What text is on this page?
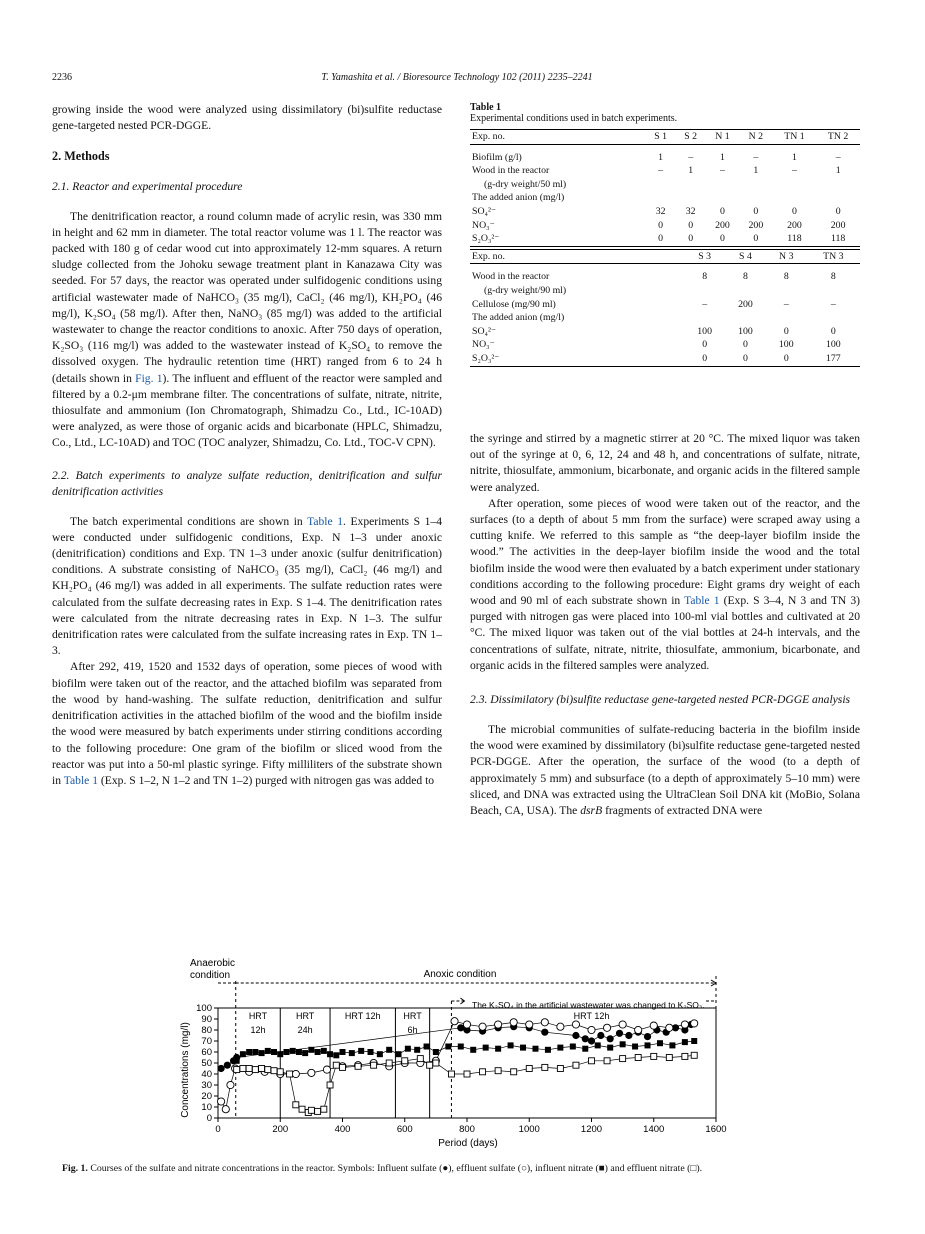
2236	T. Yamashita et al. / Bioresource Technology 102 (2011) 2235–2241

growing inside the wood were analyzed using dissimilatory (bi)sulfite reductase gene-targeted nested PCR-DGGE.

2. Methods
2.1. Reactor and experimental procedure

The denitrification reactor, a round column made of acrylic resin, was 330 mm in height and 62 mm in diameter. The total reactor volume was 1 l. The reactor was packed with 180 g of cedar wood cut into approximately 12-mm squares. A return sludge collected from the Johoku sewage treatment plant in Kanazawa City was seeded. For 57 days, the reactor was operated under sulfidogenic conditions using artificial wastewater made of NaHCO₃ (35 mg/l), CaCl₂ (46 mg/l), KH₂PO₄ (46 mg/l), K₂SO₄ (58 mg/l). After then, NaNO₃ (85 mg/l) was added to the artificial wastewater to change the reactor conditions to anoxic. After 750 days of operation, K₂SO₃ (116 mg/l) was added to the wastewater instead of K₂SO₄ to remove the dissolved oxygen. The hydraulic retention time (HRT) ranged from 6 to 24 h (details shown in Fig. 1). The influent and effluent of the reactor were sampled and filtered by a 0.2-μm membrane filter. The concentrations of sulfate, nitrate, nitrite, thiosulfate and ammonium (Ion Chromatograph, Shimadzu Co., Ltd., IC-10AD) were analyzed, as were those of organic acids and bicarbonate (HPLC, Shimadzu, Co., Ltd., LC-10AD) and TOC (TOC analyzer, Shimadzu, Co. Ltd., TOC-V CPN).

2.2. Batch experiments to analyze sulfate reduction, denitrification and sulfur denitrification activities

The batch experimental conditions are shown in Table 1. Experiments S 1–4 were conducted under sulfidogenic conditions, Exp. N 1–3 under anoxic (denitrification) conditions and Exp. TN 1–3 under anoxic (sulfur denitrification) conditions. A substrate consisting of NaHCO₃ (35 mg/l), CaCl₂ (46 mg/l) and KH₂PO₄ (46 mg/l) was added in all experiments. The sulfate reduction rates were calculated from the sulfate decreasing rates in Exp. S 1–4. The denitrification rates were calculated from the nitrate decreasing rates in Exp. N 1–3. The sulfur denitrification rates were calculated from the sulfate increasing rates in Exp. TN 1–3.

After 292, 419, 1520 and 1532 days of operation, some pieces of wood with biofilm were taken out of the reactor, and the attached biofilm was separated from the wood by hand-washing. The sulfate reduction, denitrification and sulfur denitrification activities in the attached biofilm of the wood and the biofilm inside the wood were measured by batch experiments under stirring conditions according to the following procedure: One gram of the biofilm or sliced wood from the reactor was put into a 50-ml plastic syringe. Fifty milliliters of the substrate shown in Table 1 (Exp. S 1–2, N 1–2 and TN 1–2) purged with nitrogen gas was added to

Table 1
Experimental conditions used in batch experiments.
Exp. no.	S 1	S 2	N 1	N 2	TN 1	TN 2

Biofilm (g/l)	1	–	1	–	1	–
Wood in the reactor	–	1	–	1	–	1
(g-dry weight/50 ml)						
The added anion (mg/l)						
SO₄²⁻	32	32	0	0	0	0
NO₃⁻	0	0	200	200	200	200
S₂O₃²⁻	0	0	0	0	118	118
Exp. no.	S 3	S 4	N 3	TN 3

Wood in the reactor	8	8	8	8
(g-dry weight/90 ml)				
Cellulose (mg/90 ml)	–	200	–	–
The added anion (mg/l)				
SO₄²⁻	100	100	0	0
NO₃⁻	0	0	100	100
S₂O₃²⁻	0	0	0	177

the syringe and stirred by a magnetic stirrer at 20 °C. The mixed liquor was taken out of the syringe at 0, 6, 12, 24 and 48 h, and concentrations of sulfate, nitrate, nitrite, thiosulfate, ammonium, bicarbonate, and organic acids in the filtered sample were analyzed.

After operation, some pieces of wood were taken out of the reactor, and the surfaces (to a depth of about 5 mm from the surface) were scraped away using a cutting knife. We referred to this sample as “the deep-layer biofilm inside the wood.” The activities in the deep-layer biofilm inside the wood and the total biofilm inside the wood were then evaluated by a batch experiment under stationary conditions according to the following procedure: Eight grams dry weight of each wood and 90 ml of each substrate shown in Table 1 (Exp. S 3–4, N 3 and TN 3) purged with nitrogen gas were placed into 100-ml vial bottles and cultivated at 20 °C. The mixed liquor was taken out of the vial bottles at 24-h intervals, and the concentrations of sulfate, nitrate, nitrite, thiosulfate, ammonium, bicarbonate, and organic acids in the filtered samples were analyzed.

2.3. Dissimilatory (bi)sulfite reductase gene-targeted nested PCR-DGGE analysis

The microbial communities of sulfate-reducing bacteria in the biofilm inside the wood were examined by dissimilatory (bi)sulfite reductase gene-targeted nested PCR-DGGE. After the operation, the surface of the wood (to a depth of approximately 5 mm) and subsurface (to a depth of approximately 5–10 mm) were sliced, and DNA was extracted using the UltraClean Soil DNA kit (MoBio, Solana Beach, CA, USA). The dsrB fragments of extracted DNA were

Anaerobic
condition	Anoxic condition
The K₂SO₄ in the artificial wastewater was changed to K₂SO₃.
Concentrations (mg/l)
Period (days)
0	200	400	600	800	1000	1200	1400	1600
0
10
20
30
40
50
60
70
80
90
100
HRT
12h
HRT
24h
HRT 12h	HRT
6h
HRT 12h
Fig. 1. Courses of the sulfate and nitrate concentrations in the reactor. Symbols: Influent sulfate (●), effluent sulfate (○), influent nitrate (■) and effluent nitrate (□).
